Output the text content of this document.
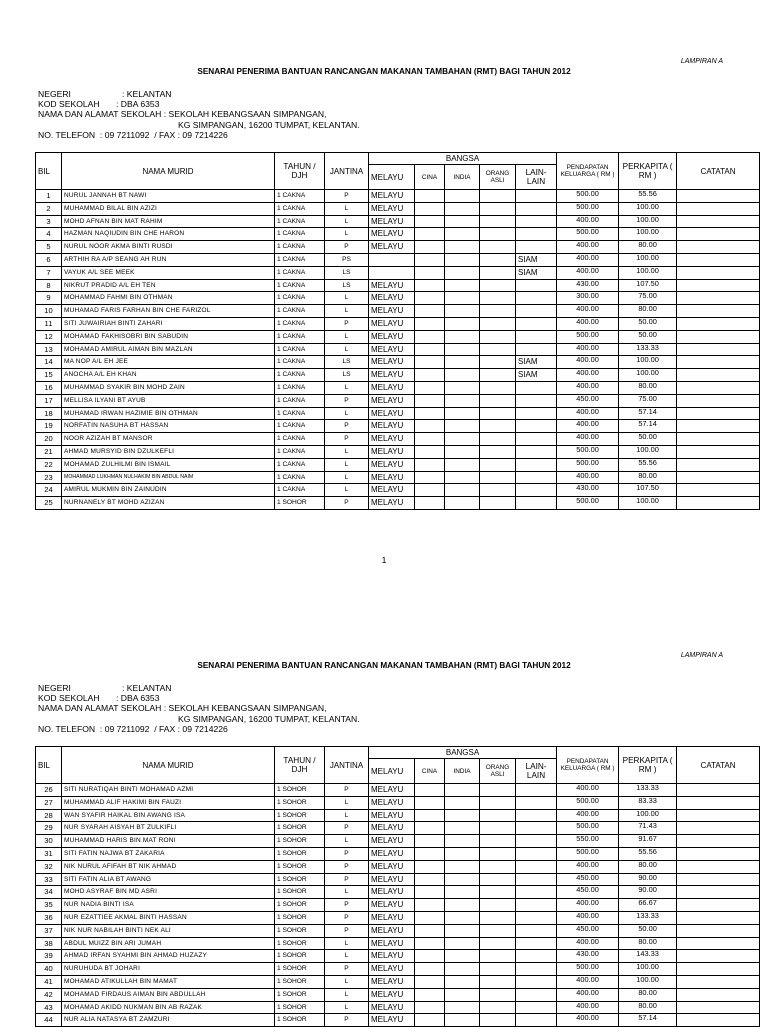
LAMPIRAN A
SENARAI PENERIMA BANTUAN RANCANGAN MAKANAN TAMBAHAN (RMT) BAGI TAHUN 2012
NEGERI	: KELANTAN
KOD SEKOLAH : DBA 6353
NAMA DAN ALAMAT SEKOLAH : SEKOLAH KEBANGSAAN SIMPANGAN,
KG SIMPANGAN, 16200 TUMPAT, KELANTAN.
NO. TELEFON  : 09 7211092  / FAX : 09 7214226
BIL	NAMA MURID	TAHUN / DJH	JANTINA	BANGSA					PENDAPATAN KELUARGA ( RM )	PERKAPITA ( RM )	CATATAN
				MELAYU	CINA	INDIA	ORANG ASLI	LAIN-LAIN			
1	NURUL JANNAH BT NAWI	1 CAKNA	P	MELAYU					500.00	55.56	
2	MUHAMMAD BILAL BIN AZIZI	1 CAKNA	L	MELAYU					500.00	100.00	
3	MOHD AFNAN BIN MAT RAHIM	1 CAKNA	L	MELAYU					400.00	100.00	
4	HAZMAN NAQIUDIN BIN CHE HARON	1 CAKNA	L	MELAYU					500.00	100.00	
5	NURUL NOOR AKMA BINTI RUSDI	1 CAKNA	P	MELAYU					400.00	80.00	
6	ARTHIH RA A/P SEANG AH RUN	1 CAKNA	PS					SIAM	400.00	100.00	
7	VAYUK A/L SEE MEEK	1 CAKNA	LS					SIAM	400.00	100.00	
8	NIKRUT PRADID A/L EH TEN	1 CAKNA	LS	MELAYU					430.00	107.50	
9	MOHAMMAD FAHMI BIN OTHMAN	1 CAKNA	L	MELAYU					300.00	75.00	
10	MUHAMAD FARIS FARHAN BIN CHE FARIZOL	1 CAKNA	L	MELAYU					400.00	80.00	
11	SITI JUWAIRIAH BINTI ZAHARI	1 CAKNA	P	MELAYU					400.00	50.00	
12	MOHAMAD FAKHISOBRI BIN SABUDIN	1 CAKNA	L	MELAYU					500.00	50.00	
13	MOHAMAD AMIRUL AIMAN BIN MAZLAN	1 CAKNA	L	MELAYU					400.00	133.33	
14	MA NOP A/L EH JEE	1 CAKNA	LS	MELAYU				SIAM	400.00	100.00	
15	ANOCHA A/L EH KHAN	1 CAKNA	LS	MELAYU				SIAM	400.00	100.00	
16	MUHAMMAD SYAKIR BIN MOHD ZAIN	1 CAKNA	L	MELAYU					400.00	80.00	
17	MELLISA ILYANI BT AYUB	1 CAKNA	P	MELAYU					450.00	75.00	
18	MUHAMAD IRWAN HAZIMIE BIN OTHMAN	1 CAKNA	L	MELAYU					400.00	57.14	
19	NORFATIN NASUHA BT HASSAN	1 CAKNA	P	MELAYU					400.00	57.14	
20	NOOR AZIZAH BT MANSOR	1 CAKNA	P	MELAYU					400.00	50.00	
21	AHMAD MURSYID BIN DZULKEFLI	1 CAKNA	L	MELAYU					500.00	100.00	
22	MOHAMAD ZULHILMI BIN ISMAIL	1 CAKNA	L	MELAYU					500.00	55.56	
23	MOHAMMAD LUKHMAN NULHAKIM BIN ABDUL NAIM	1 CAKNA	L	MELAYU					400.00	80.00	
24	AMIRUL MUKMIN BIN ZAINUDIN	1 CAKNA	L	MELAYU					430.00	107.50	
25	NURNANELY BT MOHD AZIZAN	1 SOHOR	P	MELAYU					500.00	100.00	
1
LAMPIRAN A
SENARAI PENERIMA BANTUAN RANCANGAN MAKANAN TAMBAHAN (RMT) BAGI TAHUN 2012
NEGERI	: KELANTAN
KOD SEKOLAH : DBA 6353
NAMA DAN ALAMAT SEKOLAH : SEKOLAH KEBANGSAAN SIMPANGAN,
KG SIMPANGAN, 16200 TUMPAT, KELANTAN.
NO. TELEFON  : 09 7211092  / FAX : 09 7214226
BIL	NAMA MURID	TAHUN / DJH	JANTINA	BANGSA					PENDAPATAN KELUARGA ( RM )	PERKAPITA ( RM )	CATATAN
				MELAYU	CINA	INDIA	ORANG ASLI	LAIN-LAIN			
26	SITI NURATIQAH BINTI MOHAMAD AZMI	1 SOHOR	P	MELAYU					400.00	133.33	
27	MUHAMMAD ALIF HAKIMI BIN FAUZI	1 SOHOR	L	MELAYU					500.00	83.33	
28	WAN SYAFIR HAIKAL BIN AWANG ISA	1 SOHOR	L	MELAYU					400.00	100.00	
29	NUR SYARAH AISYAH BT ZULKIFLI	1 SOHOR	P	MELAYU					500.00	71.43	
30	MUHAMMAD HARIS BIN MAT RONI	1 SOHOR	L	MELAYU					550.00	91.67	
31	SITI FATIN NAJWA BT ZAKARIA	1 SOHOR	P	MELAYU					500.00	55.56	
32	NIK NURUL AFIFAH BT NIK AHMAD	1 SOHOR	P	MELAYU					400.00	80.00	
33	SITI FATIN ALIA BT AWANG	1 SOHOR	P	MELAYU					450.00	90.00	
34	MOHD ASYRAF BIN MD ASRI	1 SOHOR	L	MELAYU					450.00	90.00	
35	NUR NADIA BINTI ISA	1 SOHOR	P	MELAYU					400.00	66.67	
36	NUR EZATTIEE AKMAL BINTI HASSAN	1 SOHOR	P	MELAYU					400.00	133.33	
37	NIK NUR NABILAH BINTI NEK ALI	1 SOHOR	P	MELAYU					450.00	50.00	
38	ABDUL MUIZZ BIN ARI JUMAH	1 SOHOR	L	MELAYU					400.00	80.00	
39	AHMAD IRFAN SYAHMI BIN AHMAD HUZAZY	1 SOHOR	L	MELAYU					430.00	143.33	
40	NURUHUDA BT JOHARI	1 SOHOR	P	MELAYU					500.00	100.00	
41	MOHAMAD ATIKULLAH BIN MAMAT	1 SOHOR	L	MELAYU					400.00	100.00	
42	MOHAMAD FIRDAUS AIMAN BIN ABDULLAH	1 SOHOR	L	MELAYU					400.00	80.00	
43	MOHAMAD AKIDD NUKMAN BIN AB RAZAK	1 SOHOR	L	MELAYU					400.00	80.00	
44	NUR ALIA NATASYA BT ZAMZURI	1 SOHOR	P	MELAYU					400.00	57.14	
